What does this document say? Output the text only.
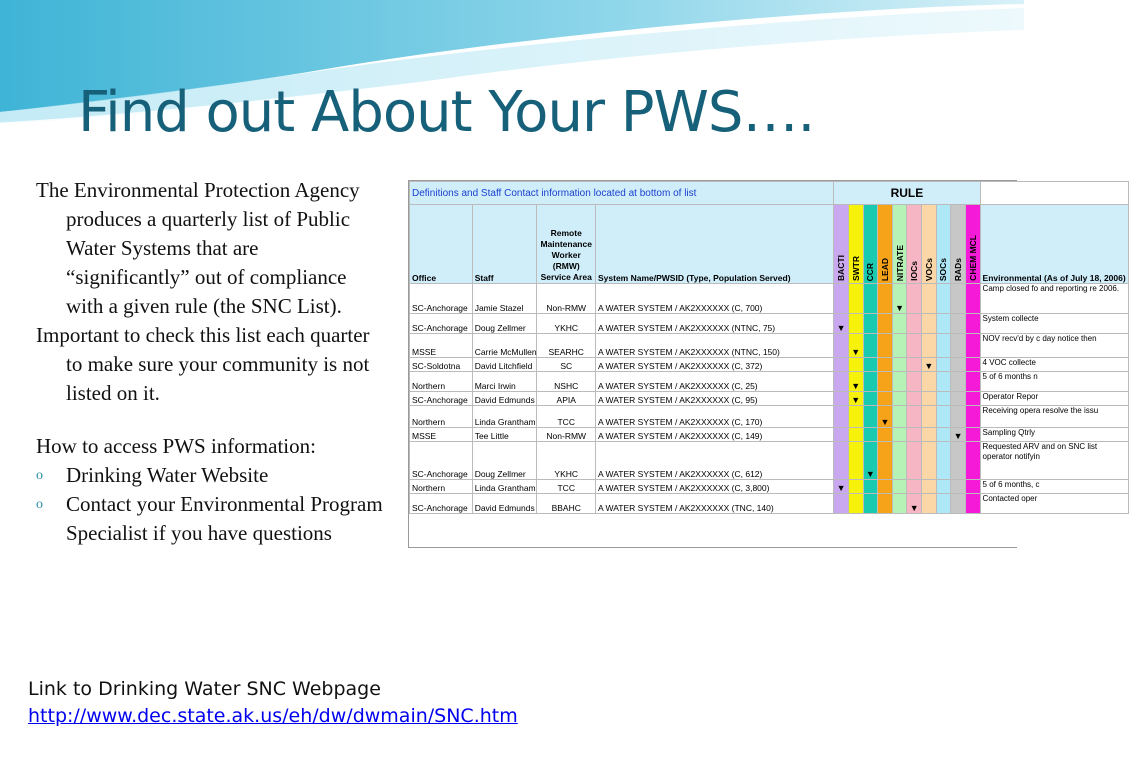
Find out About Your PWS….

The Environmental Protection Agency produces a quarterly list of Public Water Systems that are “significantly” out of compliance with a given rule (the SNC List).

Important to check this list each quarter to make sure your community is not listed on it.

How to access PWS information:

o Drinking Water Website

o Contact your Environmental Program Specialist if you have questions

Definitions and Staff Contact information located at bottom of list				RULE										
Office	Staff	Remote Maintenance Worker (RMW) Service Area	System Name/PWSID (Type, Population Served)	BACTI	SWTR	CCR	LEAD	NITRATE	IOCs	VOCs	SOCs	RADs	CHEM MCL	Environmental (As of July 18, 2006)
SC-Anchorage	Jamie Stazel	Non-RMW	A WATER SYSTEM / AK2XXXXXX (C, 700)					▼						Camp closed fo and reporting re 2006.
SC-Anchorage	Doug Zellmer	YKHC	A WATER SYSTEM / AK2XXXXXX (NTNC, 75)	▼										System collecte
MSSE	Carrie McMullen	SEARHC	A WATER SYSTEM / AK2XXXXXX (NTNC, 150)		▼									NOV recv'd by c day notice then
SC-Soldotna	David Litchfield	SC	A WATER SYSTEM / AK2XXXXXX (C, 372)							▼				4 VOC collecte
Northern	Marci Irwin	NSHC	A WATER SYSTEM / AK2XXXXXX (C, 25)		▼									5 of 6 months n
SC-Anchorage	David Edmunds	APIA	A WATER SYSTEM / AK2XXXXXX (C, 95)		▼									Operator Repor
Northern	Linda Grantham	TCC	A WATER SYSTEM / AK2XXXXXX (C, 170)				▼							Receiving opera resolve the issu
MSSE	Tee Little	Non-RMW	A WATER SYSTEM / AK2XXXXXX (C, 149)									▼		Sampling Qtrly
SC-Anchorage	Doug Zellmer	YKHC	A WATER SYSTEM / AK2XXXXXX (C, 612)			▼								Requested ARV and on SNC list operator notifyin
Northern	Linda Grantham	TCC	A WATER SYSTEM / AK2XXXXXX (C, 3,800)	▼										5 of 6 months, c
SC-Anchorage	David Edmunds	BBAHC	A WATER SYSTEM / AK2XXXXXX (TNC, 140)						▼					Contacted oper
Link to Drinking Water SNC Webpage
http://www.dec.state.ak.us/eh/dw/dwmain/SNC.htm
